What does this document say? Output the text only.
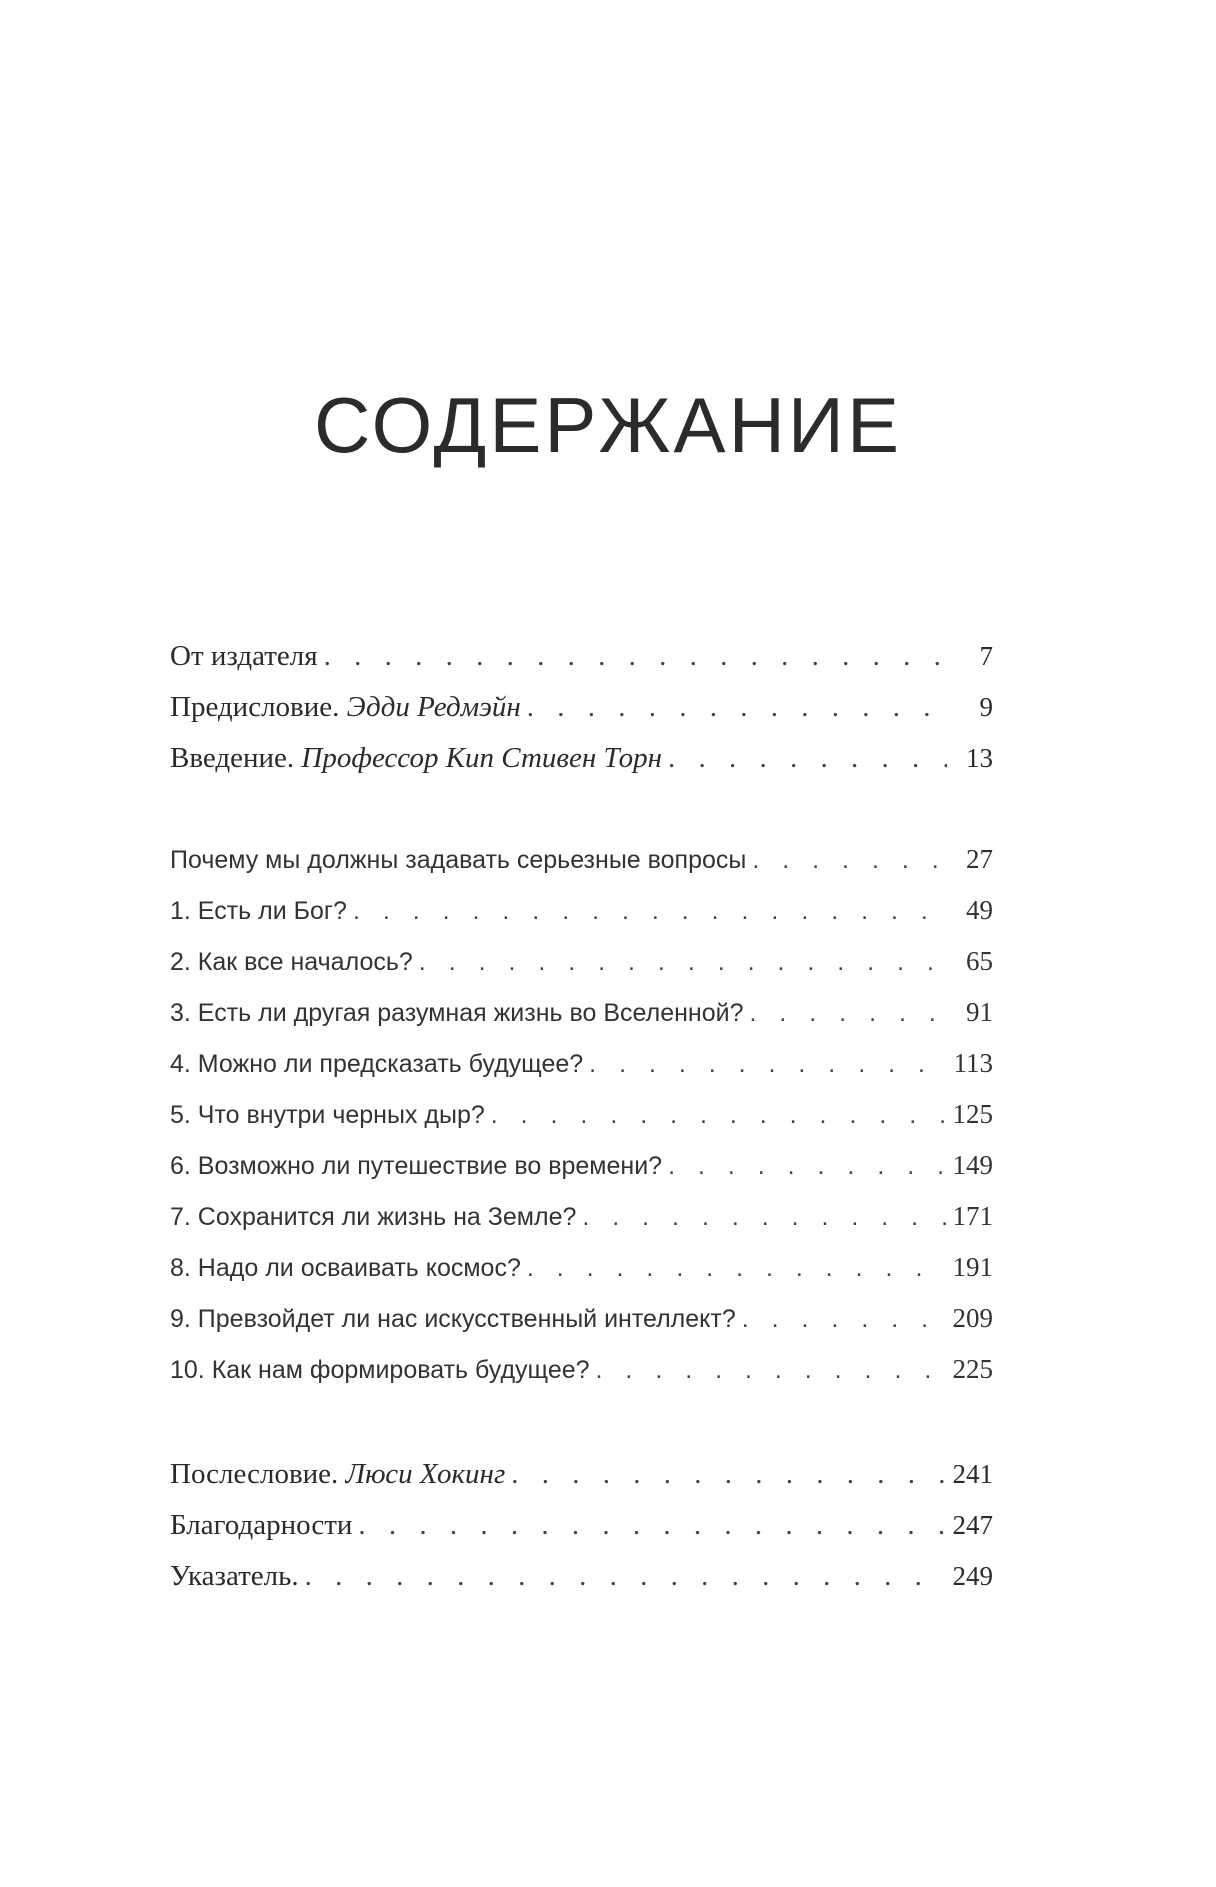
СОДЕРЖАНИЕ
От издателя . . .	7
Предисловие. Эдди Редмэйн . . .	9
Введение. Профессор Кип Стивен Торн . . .	13
Почему мы должны задавать серьезные вопросы . . .	27
1. Есть ли Бог? . . .	49
2. Как все началось? . . .	65
3. Есть ли другая разумная жизнь во Вселенной? . . .	91
4. Можно ли предсказать будущее? . . .	113
5. Что внутри черных дыр? . . .	125
6. Возможно ли путешествие во времени? . . .	149
7. Сохранится ли жизнь на Земле? . . .	171
8. Надо ли осваивать космос? . . .	191
9. Превзойдет ли нас искусственный интеллект? . . .	209
10. Как нам формировать будущее? . . .	225
Послесловие. Люси Хокинг . . .	241
Благодарности . . .	247
Указатель. . . .	249
